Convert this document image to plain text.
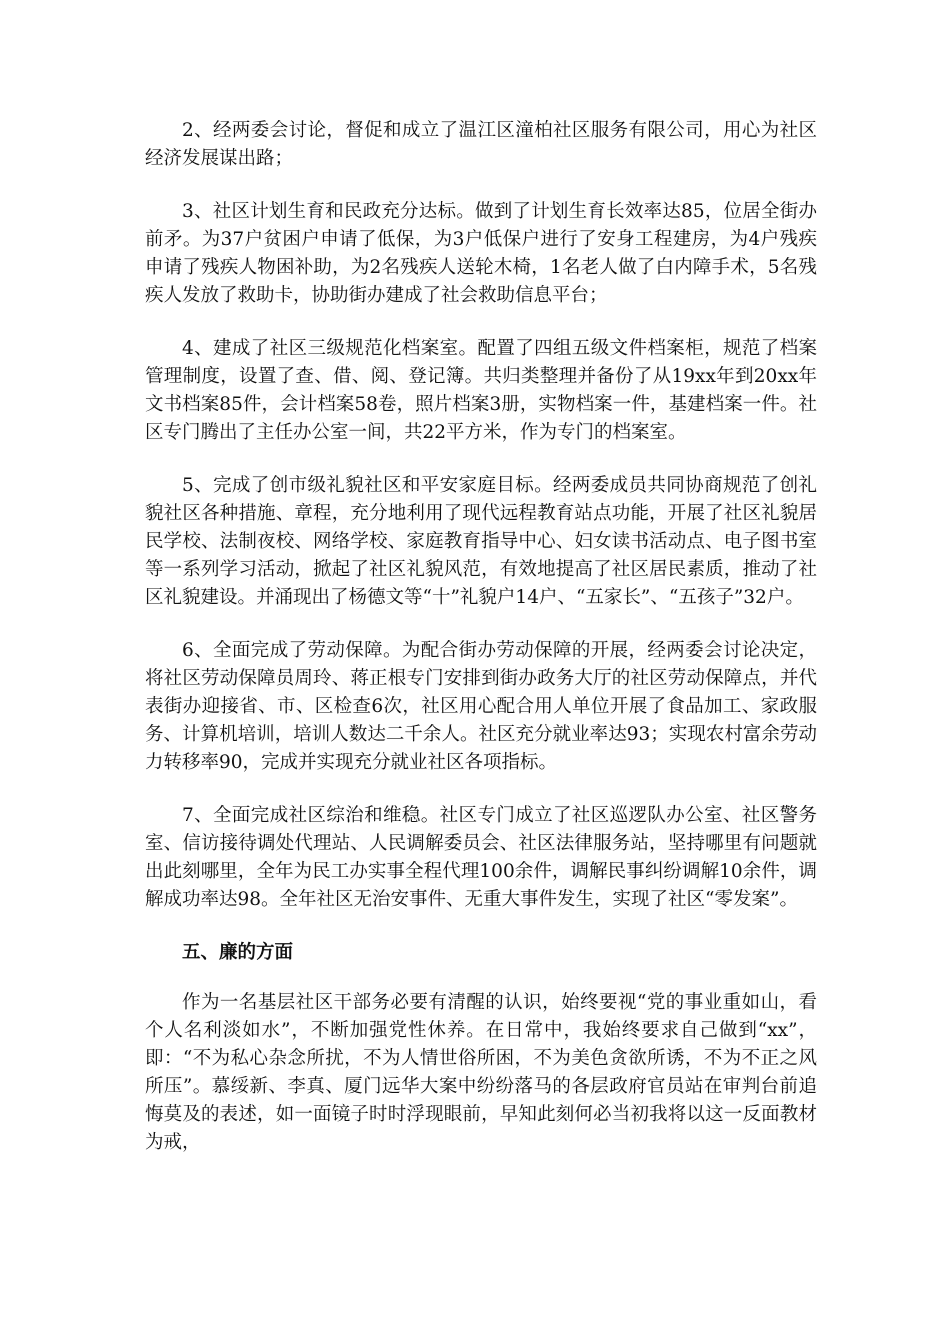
2、经两委会讨论，督促和成立了温江区潼柏社区服务有限公司，用心为社区经济发展谋出路；

3、社区计划生育和民政充分达标。做到了计划生育长效率达85，位居全街办前矛。为37户贫困户申请了低保，为3户低保户进行了安身工程建房，为4户残疾申请了残疾人物困补助，为2名残疾人送轮木椅，1名老人做了白内障手术，5名残疾人发放了救助卡，协助街办建成了社会救助信息平台；

4、建成了社区三级规范化档案室。配置了四组五级文件档案柜，规范了档案管理制度，设置了查、借、阅、登记簿。共归类整理并备份了从19xx年到20xx年文书档案85件，会计档案58卷，照片档案3册，实物档案一件，基建档案一件。社区专门腾出了主任办公室一间，共22平方米，作为专门的档案室。

5、完成了创市级礼貌社区和平安家庭目标。经两委成员共同协商规范了创礼貌社区各种措施、章程，充分地利用了现代远程教育站点功能，开展了社区礼貌居民学校、法制夜校、网络学校、家庭教育指导中心、妇女读书活动点、电子图书室等一系列学习活动，掀起了社区礼貌风范，有效地提高了社区居民素质，推动了社区礼貌建设。并涌现出了杨德文等“十”礼貌户14户、“五家长”、“五孩子”32户。

6、全面完成了劳动保障。为配合街办劳动保障的开展，经两委会讨论决定，将社区劳动保障员周玲、蒋正根专门安排到街办政务大厅的社区劳动保障点，并代表街办迎接省、市、区检查6次，社区用心配合用人单位开展了食品加工、家政服务、计算机培训，培训人数达二千余人。社区充分就业率达93；实现农村富余劳动力转移率90，完成并实现充分就业社区各项指标。

7、全面完成社区综治和维稳。社区专门成立了社区巡逻队办公室、社区警务室、信访接待调处代理站、人民调解委员会、社区法律服务站，坚持哪里有问题就出此刻哪里，全年为民工办实事全程代理100余件，调解民事纠纷调解10余件，调解成功率达98。全年社区无治安事件、无重大事件发生，实现了社区“零发案”。

五、廉的方面

作为一名基层社区干部务必要有清醒的认识，始终要视“党的事业重如山，看个人名利淡如水”，不断加强党性休养。在日常中，我始终要求自己做到“xx”，即：“不为私心杂念所扰，不为人情世俗所困，不为美色贪欲所诱，不为不正之风所压”。慕绥新、李真、厦门远华大案中纷纷落马的各层政府官员站在审判台前追悔莫及的表述，如一面镜子时时浮现眼前，早知此刻何必当初我将以这一反面教材为戒，
